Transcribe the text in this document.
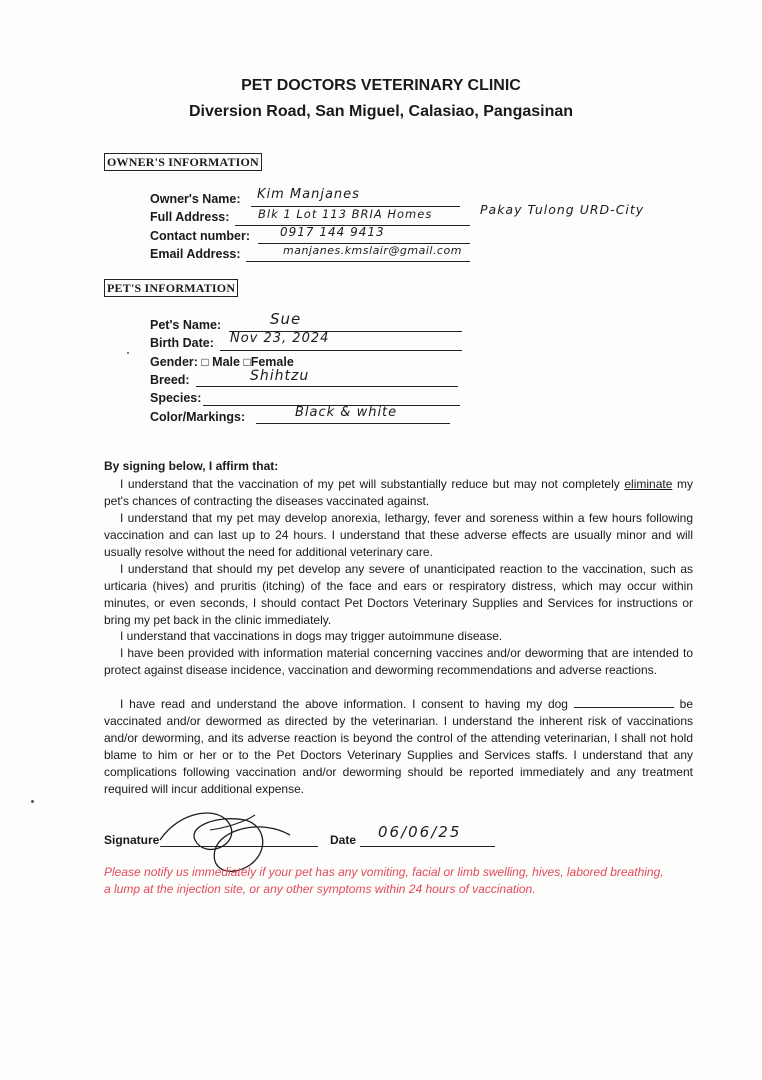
PET DOCTORS VETERINARY CLINIC
Diversion Road, San Miguel, Calasiao, Pangasinan
OWNER'S INFORMATION
Owner's Name: Kim Manjanes
Full Address: Blk 1 Lot 113 BRIA Homes	Pakay Tulong URD-City
Contact number:	0917 144 9413
Email Address:	manjanes.kmslair@gmail.com
PET'S INFORMATION
Pet's Name:	Sue
Birth Date: Nov 23, 2024
Gender: □ Male □Female
Breed:	Shihtzu
Species:
Color/Markings:	Black & white
By signing below, I affirm that:

I understand that the vaccination of my pet will substantially reduce but may not completely eliminate my pet's chances of contracting the diseases vaccinated against.

I understand that my pet may develop anorexia, lethargy, fever and soreness within a few hours following vaccination and can last up to 24 hours. I understand that these adverse effects are usually minor and will usually resolve without the need for additional veterinary care.

I understand that should my pet develop any severe of unanticipated reaction to the vaccination, such as urticaria (hives) and pruritis (itching) of the face and ears or respiratory distress, which may occur within minutes, or even seconds, I should contact Pet Doctors Veterinary Supplies and Services for instructions or bring my pet back in the clinic immediately.

I understand that vaccinations in dogs may trigger autoimmune disease.

I have been provided with information material concerning vaccines and/or deworming that are intended to protect against disease incidence, vaccination and deworming recommendations and adverse reactions.

I have read and understand the above information. I consent to having my dog	be vaccinated and/or dewormed as directed by the veterinarian. I understand the inherent risk of vaccinations and/or deworming, and its adverse reaction is beyond the control of the attending veterinarian, I shall not hold blame to him or her or to the Pet Doctors Veterinary Supplies and Services staffs. I understand that any complications following vaccination and/or deworming should be reported immediately and any treatment required will incur additional expense.

Signature	Date 06/06/25

Please notify us immediately if your pet has any vomiting, facial or limb swelling, hives, labored breathing, a lump at the injection site, or any other symptoms within 24 hours of vaccination.
